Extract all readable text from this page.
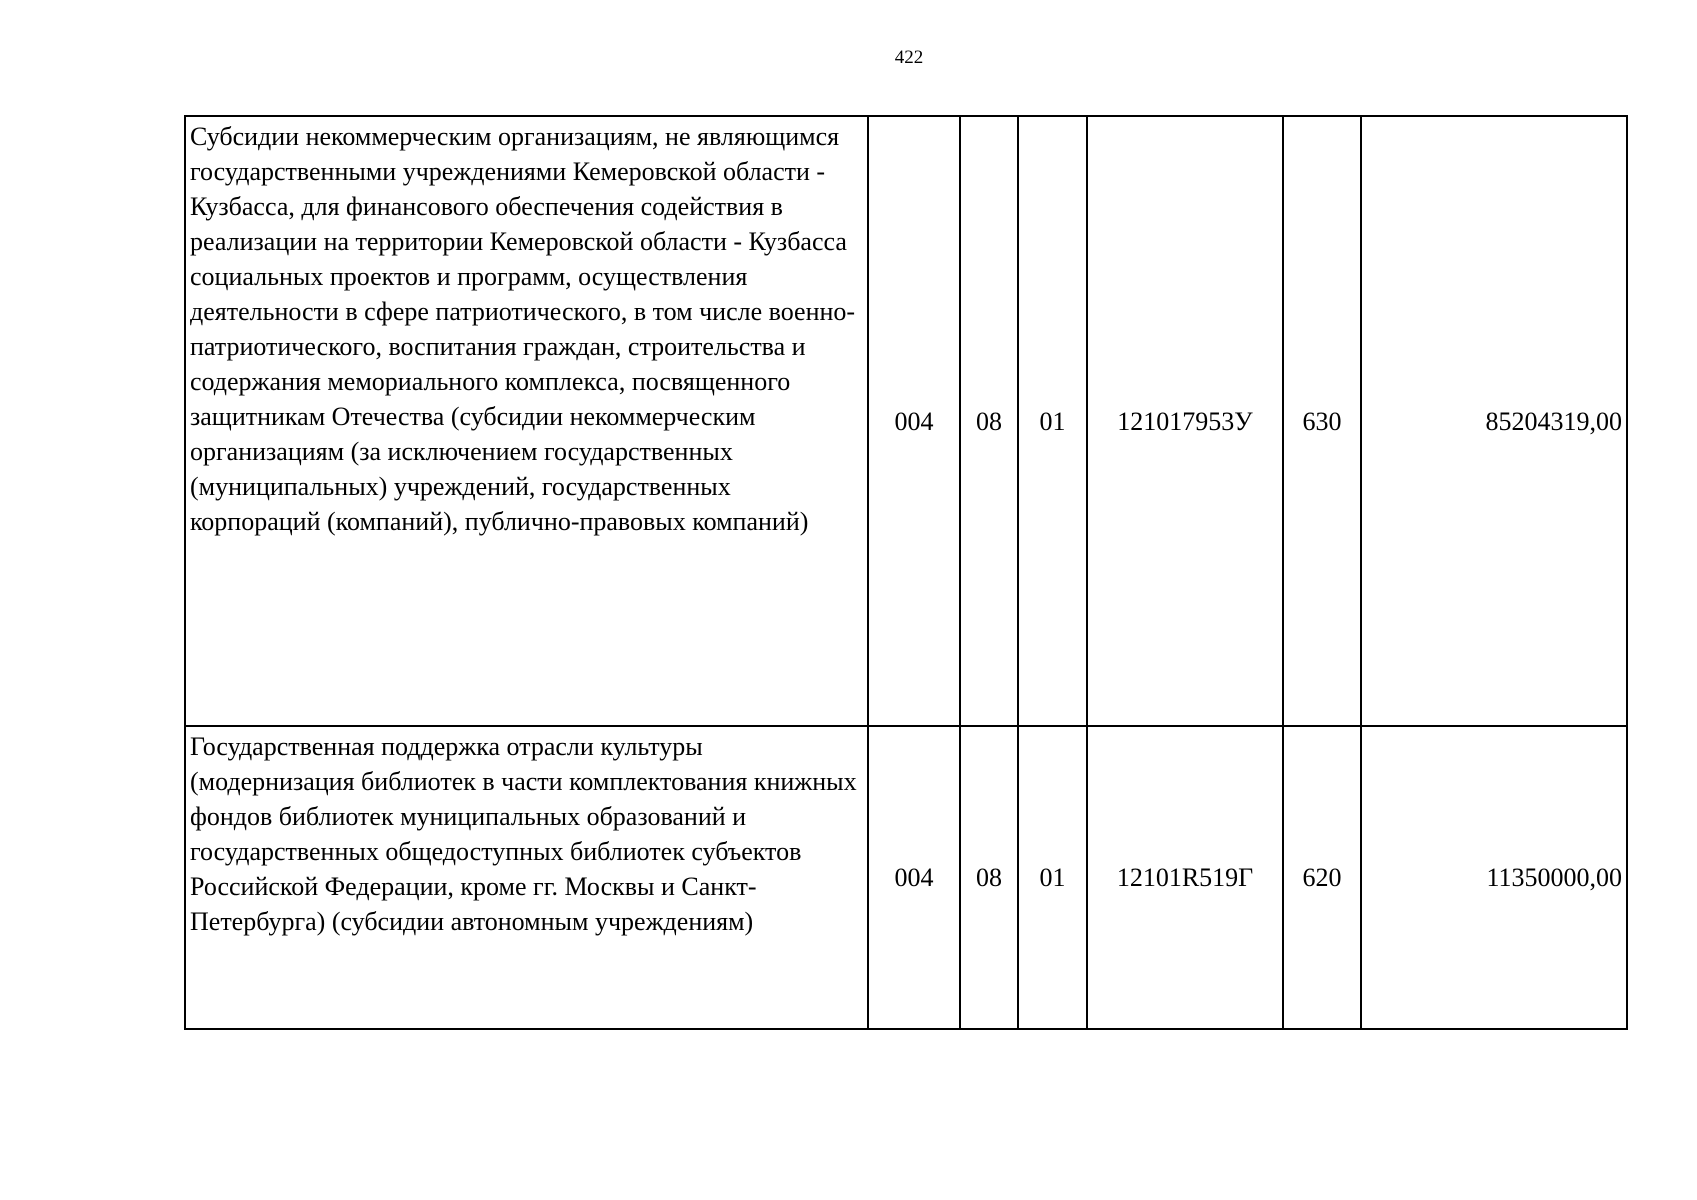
422
Субсидии некоммерческим организациям, не являющимся государственными учреждениями Кемеровской области - Кузбасса, для финансового обеспечения содействия в реализации на территории Кемеровской области - Кузбасса социальных проектов и программ, осуществления деятельности в сфере патриотического, в том числе военно-патриотического, воспитания граждан, строительства и содержания мемориального комплекса, посвященного защитникам Отечества (субсидии некоммерческим организациям (за исключением государственных (муниципальных) учреждений, государственных корпораций (компаний), публично-правовых компаний)	004	08	01	121017953У	630	85204319,00
Государственная поддержка отрасли культуры (модернизация библиотек в части комплектования книжных фондов библиотек муниципальных образований и государственных общедоступных библиотек субъектов Российской Федерации, кроме гг. Москвы и Санкт-Петербурга) (субсидии автономным учреждениям)	004	08	01	12101R519Г	620	11350000,00
